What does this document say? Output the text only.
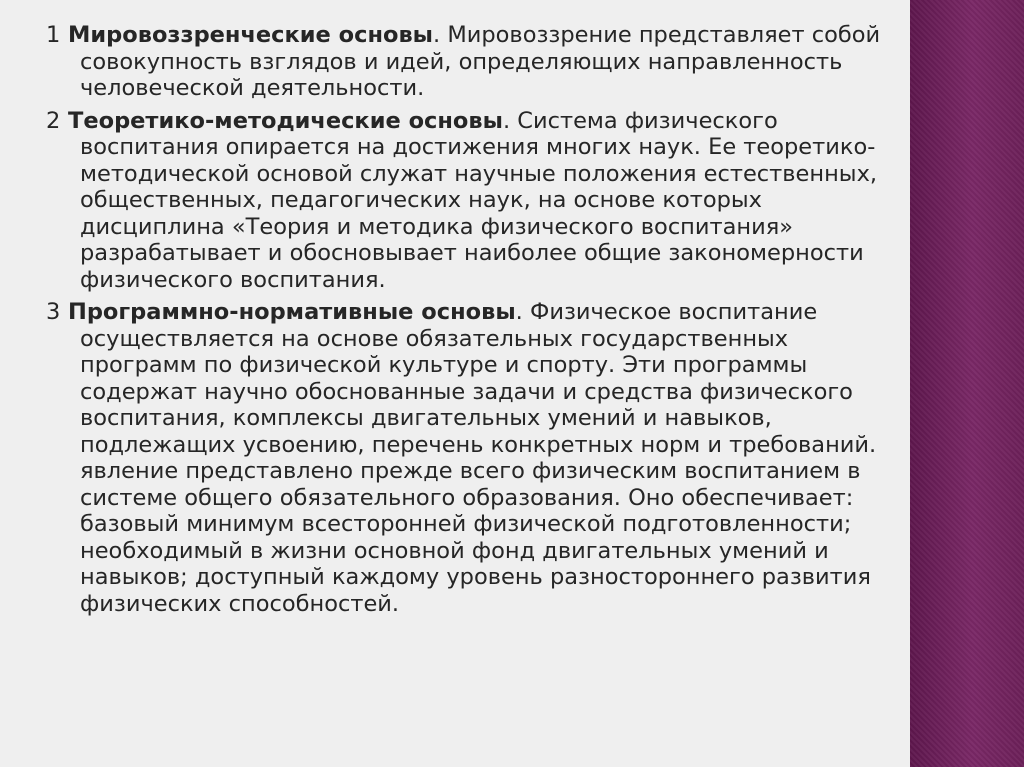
1 Мировоззренческие основы. Мировоззрение представляет собой совокупность взглядов и идей, определяющих направленность человеческой деятельности.

2 Теоретико-методические основы. Система физического воспитания опирается на достижения многих наук. Ее теоретико-методической основой служат научные положения естественных, общественных, педагогических наук, на основе которых дисциплина «Теория и методика физического воспитания» разрабатывает и обосновывает наиболее общие закономерности физического воспитания.

3 Программно-нормативные основы. Физическое воспитание осуществляется на основе обязательных государственных программ по физической культуре и спорту. Эти программы содержат научно обоснованные задачи и средства физического воспитания, комплексы двигательных умений и навыков, подлежащих усвоению, перечень конкретных норм и требований. явление представлено прежде всего физическим воспитанием в системе общего обязательного образования. Оно обеспечивает: базовый минимум всесторонней физической подготовленности; необходимый в жизни основной фонд двигательных умений и навыков; доступный каждому уровень разностороннего развития физических способностей.
